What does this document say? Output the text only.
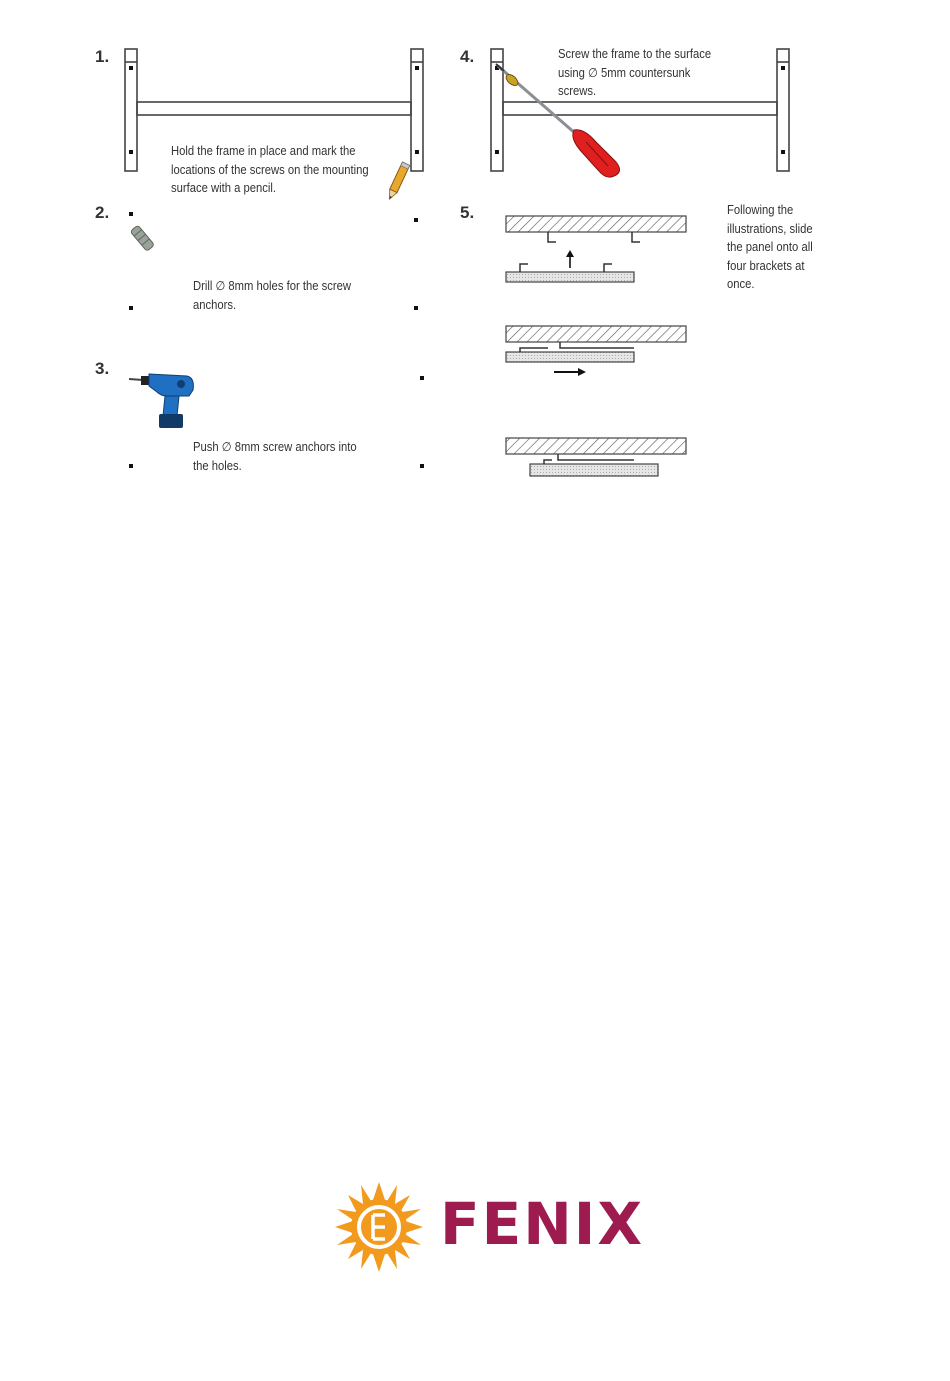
1.
Hold the frame in place and mark the locations of the screws on the mounting surface with a pencil.
2.
Drill ∅ 8mm holes for the screw anchors.
3.
Push ∅ 8mm screw anchors into the holes.
4.	Screw the frame to the surface using ∅ 5mm countersunk screws.
5.	Following the illustrations, slide the panel onto all four brackets at once.
FENIX
